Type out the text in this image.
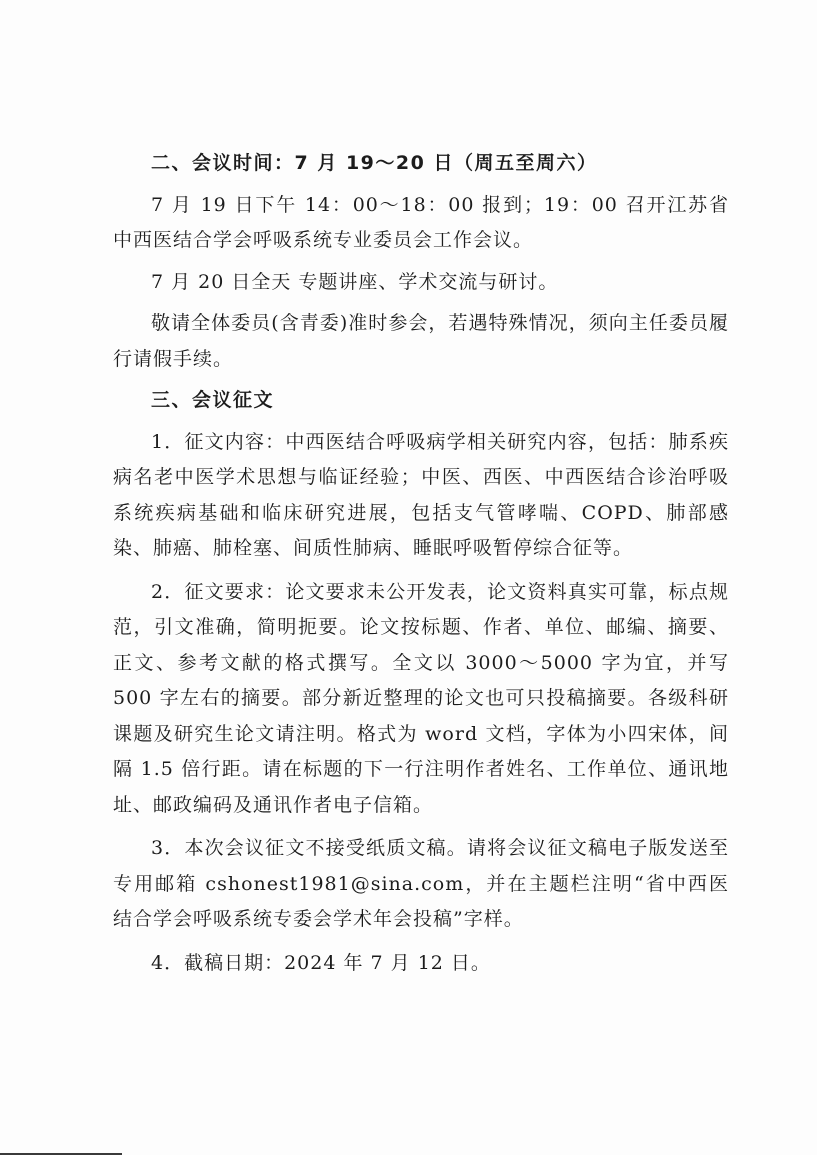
二、会议时间：7 月 19～20 日（周五至周六）

7 月 19 日下午 14：00～18：00 报到；19：00 召开江苏省中西医结合学会呼吸系统专业委员会工作会议。

7 月 20 日全天 专题讲座、学术交流与研讨。

敬请全体委员(含青委)准时参会，若遇特殊情况，须向主任委员履行请假手续。

三、会议征文

1．征文内容：中西医结合呼吸病学相关研究内容，包括：肺系疾病名老中医学术思想与临证经验；中医、西医、中西医结合诊治呼吸系统疾病基础和临床研究进展，包括支气管哮喘、COPD、肺部感染、肺癌、肺栓塞、间质性肺病、睡眠呼吸暂停综合征等。

2．征文要求：论文要求未公开发表，论文资料真实可靠，标点规范，引文准确，简明扼要。论文按标题、作者、单位、邮编、摘要、正文、参考文献的格式撰写。全文以 3000～5000 字为宜，并写 500 字左右的摘要。部分新近整理的论文也可只投稿摘要。各级科研课题及研究生论文请注明。格式为 word 文档，字体为小四宋体，间隔 1.5 倍行距。请在标题的下一行注明作者姓名、工作单位、通讯地址、邮政编码及通讯作者电子信箱。

3．本次会议征文不接受纸质文稿。请将会议征文稿电子版发送至专用邮箱 cshonest1981@sina.com，并在主题栏注明“省中西医结合学会呼吸系统专委会学术年会投稿”字样。

4．截稿日期：2024 年 7 月 12 日。
